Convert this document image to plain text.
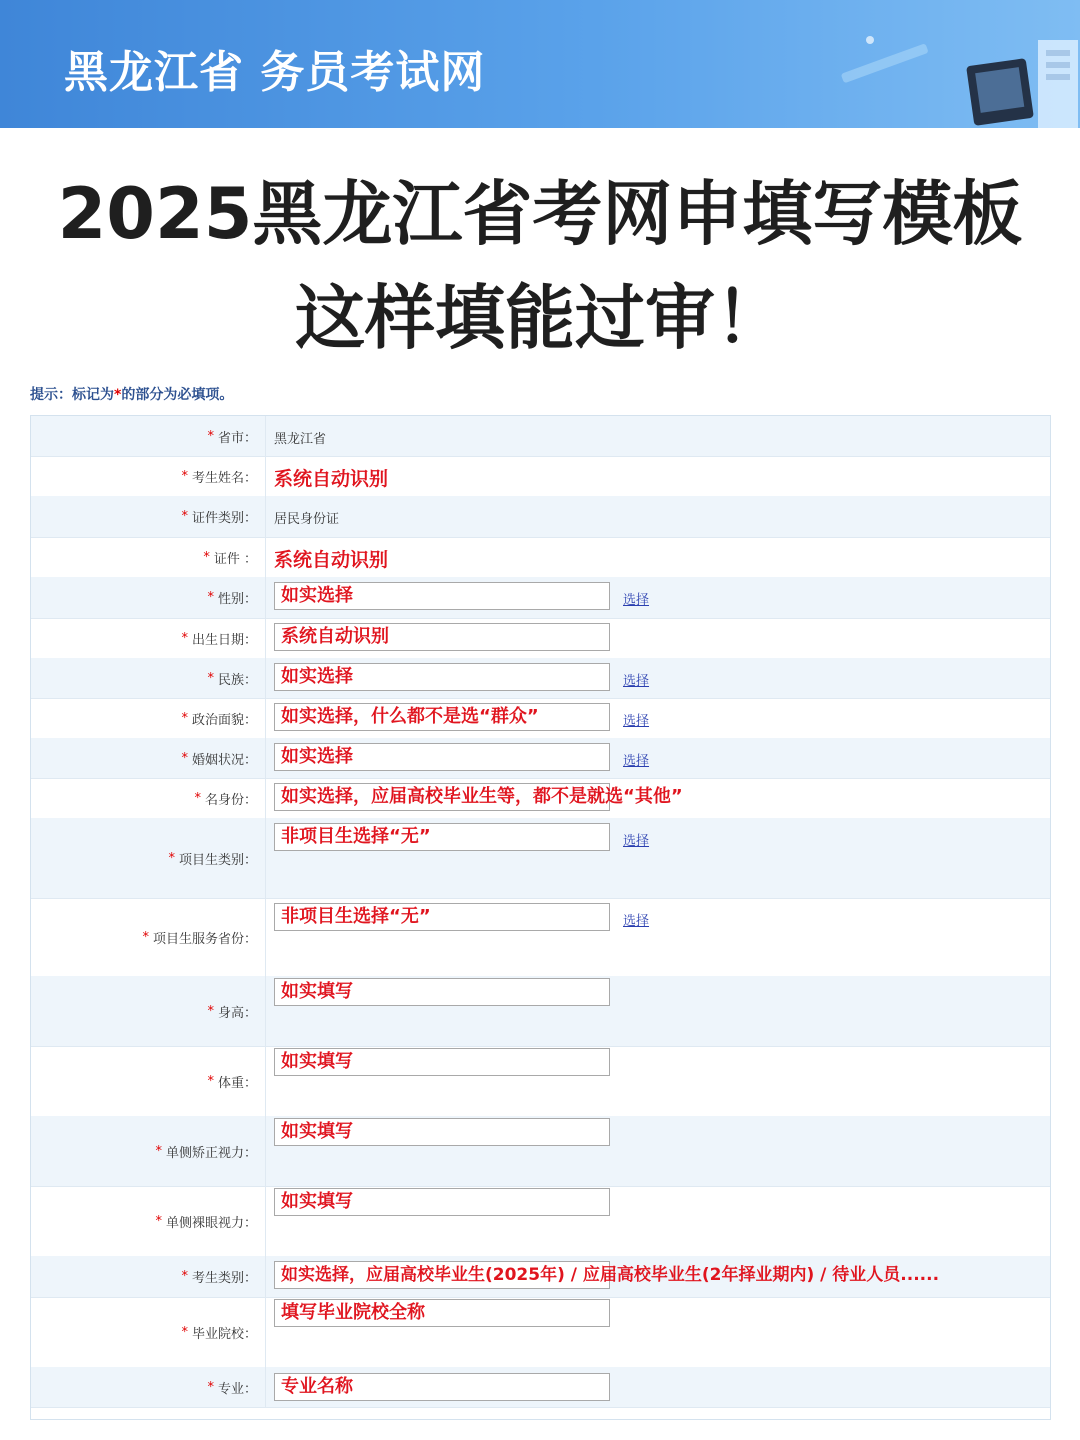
黑龙江省 务员考试网
2025黑龙江省考网申填写模板
这样填能过审！
提示：标记为*的部分为必填项。
* 省市： 黑龙江省
* 考生姓名： 系统自动识别
* 证件类别： 居民身份证
* 证件 ： 系统自动识别
* 性别：	如实选择	选择
* 出生日期：	系统自动识别
* 民族：	如实选择	选择
* 政治面貌：	如实选择，什么都不是选“群众”	选择
* 婚姻状况：	如实选择	选择
* 名身份：	如实选择，应届高校毕业生等，都不是就选“其他”
* 项目生类别：
非项目生选择“无”	选择
* 项目生服务省份：
非项目生选择“无”	选择
* 身高：
如实填写
* 体重：
如实填写
* 单侧矫正视力：
如实填写
* 单侧裸眼视力：
如实填写
* 考生类别：	如实选择，应届高校毕业生(2025年) / 应届高校毕业生(2年择业期内) / 待业人员......
* 毕业院校：
填写毕业院校全称
* 专业：	专业名称
